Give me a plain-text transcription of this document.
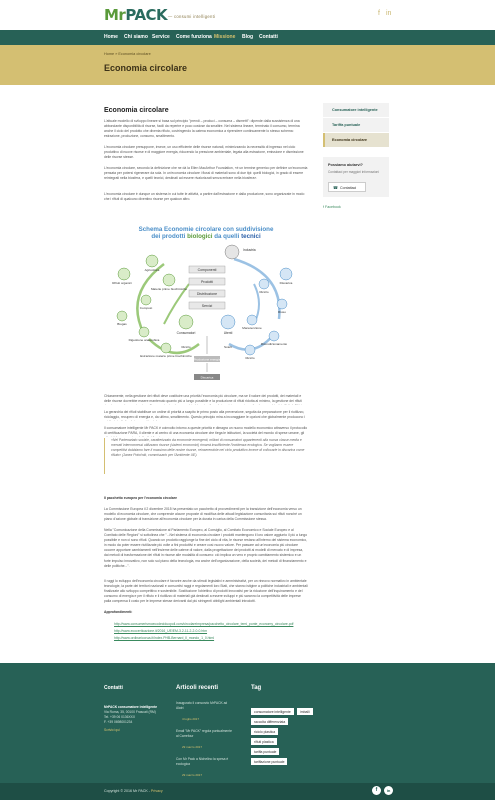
MrPACK — consumi intelligenti	f in
Home Chi siamo Service Come funziona Missione Blog Contatti
Home » Economia circolare
Economia circolare
Economia circolare

L'attuale modello di sviluppo lineare si basa sul principio "prendi – produci – consuma – dismetti": dipende dalla sussistenza di una abbondante disponibilità di risorse, facili da reperire e poco costose da smaltire. Nel sistema lineare, terminato il consumo, termina anche il ciclo del prodotto che diventa rifiuto, costringendo la catena economica a riprendere continuamente lo stesso schema: estrazione, produzione, consumo, smaltimento.

L'economia circolare presuppone, invece, un uso efficiente delle risorse naturali, minimizzando la necessità di ingresso nel ciclo produttivo di nuove risorse e di maggiore energia, riducendo la pressione ambientale, legata alla estrazione, emissione e dismissione delle risorse stesse.

L'economia circolare, secondo la definizione che ne dà la Ellen MacArthur Foundation, «è un termine generico per definire un'economia pensata per potersi rigenerare da sola. In un'economia circolare i flussi di materiali sono di due tipi: quelli biologici, in grado di essere reintegrati nella biosfera, e quelli tecnici, destinati ad essere rivalorizzati senza entrare nella biosfera».

L'economia circolare è dunque un sistema in cui tutte le attività, a partire dall'estrazione e dalla produzione, sono organizzate in modo che i rifiuti di qualcuno diventino risorse per qualcun altro.

Schema Economie circolare con suddivisione
dei prodotti biologici da quelli tecnici
Componenti
Prodotti
Distribuzione
Servizi
Consumatori	Utenti
Produzione energia
Discarica
Industria
Rifiuti organici
Agricoltura
Materie prime biochimiche
Compost
Biogas
Digestione anaerobica
Estrazione materie prime biochimiche
Discarica
Riciclo
Riuso
Manutenzione
Ricondizionamento
Riciclo
Riciclo	Scarti

Chiaramente, nella gestione dei rifiuti deve costituire una priorità l'economia più circolare, ma se il valore dei prodotti, dei materiali e delle risorse dovrebbe essere mantenuto quanto più a lungo possibile e la produzione di rifiuti ridotta al minimo, la gestione dei rifiuti

La gerarchia dei rifiuti stabilisce un ordine di priorità a scapito le primo posto alla prevenzione, seguita da preparazione per il riutilizzo, riciclaggio, recupero di energia e, da ultimo, smaltimento. Questo principio mira a incoraggiare le opzioni che globalmente producono i

Il consumatore intelligente Mr PACK è coinvolto intorno a queste priorità e dimagra un nuovo modello economico attraverso il protocollo di certificazione PARA, il cliente e al centro di una economia circolare che tiega le istituzioni, la società del mondo di spese umane, gli

«Nel Partenariato sociale, caratterizzato da economie emergenti, milioni di consumatori appartenenti alla nuova classe media e mercati interconnessi utilizzano risorse (sistemi economici) rimarrà insufficiente l'incidenza ecologica. Se vogliamo essere competitivi dobbiamo fare il massimo delle nostre risorse, reinserendole nel ciclo produttivo invece di collocarle in discarica come rifiuto» (Janez Potočnik, commissario per l'Ambiente UE).
Il pacchetto europeo per l'economia circolare

La Commissione Europea il 2 dicembre 2015 ha presentato un pacchetto di provvedimenti per la transizione dell'economia verso un modello di economia circolare, che comprende alcune proposte di modifica delle attuali legislazione comunitaria sui rifiuti nonché un piano d'azione globale di transizione all'economia circolare per la durata in carica della Commissione stessa.

Nella "Comunicazione della Commissione al Parlamento Europeo, al Consiglio, al Comitato Economico e Sociale Europeo e al Comitato delle Regioni" si sottolinea che "...Nel sistema di economia circolare i prodotti mantengono il loro valore aggiunto il più a lungo possibile e non ci sono rifiuti. Quando un prodotto raggiunge la fine del ciclo di vita, le risorse restano all'interno del sistema economico, in modo da poter essere riutilizzate più volte a fini produttivi e creare così nuovo valore. Per passare ad un'economia più circolare occorre apportare cambiamenti nell'insieme delle catene di valore, dalla progettazione dei prodotti ai modelli di mercato e di impresa, dai metodi di trasformazione dei rifiuti in risorse alle modalità di consumo: ciò implica un vero e proprio cambiamento sistemico e un forte impulso innovativo, non solo sul piano della tecnologia, ma anche dell'organizzazione, della società, dei metodi di finanziamento e delle politiche...".

Il ruggi lo sviluppo dell'economia circolare è favorire anche da stimoli legislativi e amministrativi, per un rinnovo normativo in ambientale tecnologie, la parte dei territori nazionali e consuntivi raggi e regolamenti loro Stati, che stanno istigine a politiche industriali e ambientali finalizzate allo sviluppo competitivo e sostenibile. Sostituzione l'obiettivo di prodotti innovativi per la riduzione dell'inquinamento e del consumo di energia e per il rifiuto e il riutilizzo di materiali già destinati a essere sviluppi e più saranno la competitività delle imprese palla compensa il costo per le imprese stesse derivanti dal più stringenti obblighi ambientali introdotti.

Approfondimenti:
http://www.consumerismoecodeciduopoli.com/circolareimpresa/pacchetto_circolare_temi_ponte_economy_circolare.pdf
http://www.ecocerticazione.it/2016_UE/EM-3.2-11-2-2-0-0.htm
http://www.ordinarioorua.it/index.PHB-Bernard_Il_mondo_1_0.html
Consumatore intelligente
Tariffa puntuale
Economia circolare
Possiamo aiutarvi?
Contattaci per maggiori informazioni
☎ Contattaci
f Facebook
Contatti
MrPACK consumatore intelligente
Via Roma, 35, 00100 Frascati (RM)
Tel. +39 06 0136XXX
F. +39 0698001234
Scrivici qui
Articoli recenti
Inaugurato il consorzio MrPACK ad Alatri
4 luglio 2017
Email "Mr PACK" regola puntualmente al Carrefour
29 marzo 2017
Con Mr Pack a Nichelino la spesa è ecologica
29 marzo 2017
Tag
consumatore intelligente	imballi
raccolta differenziata
riciclo plastica
rifiuti plastica
tariffa puntuale
tariffazione puntuale
Copyright © 2016 Mr PACK - Privacy	f	in
